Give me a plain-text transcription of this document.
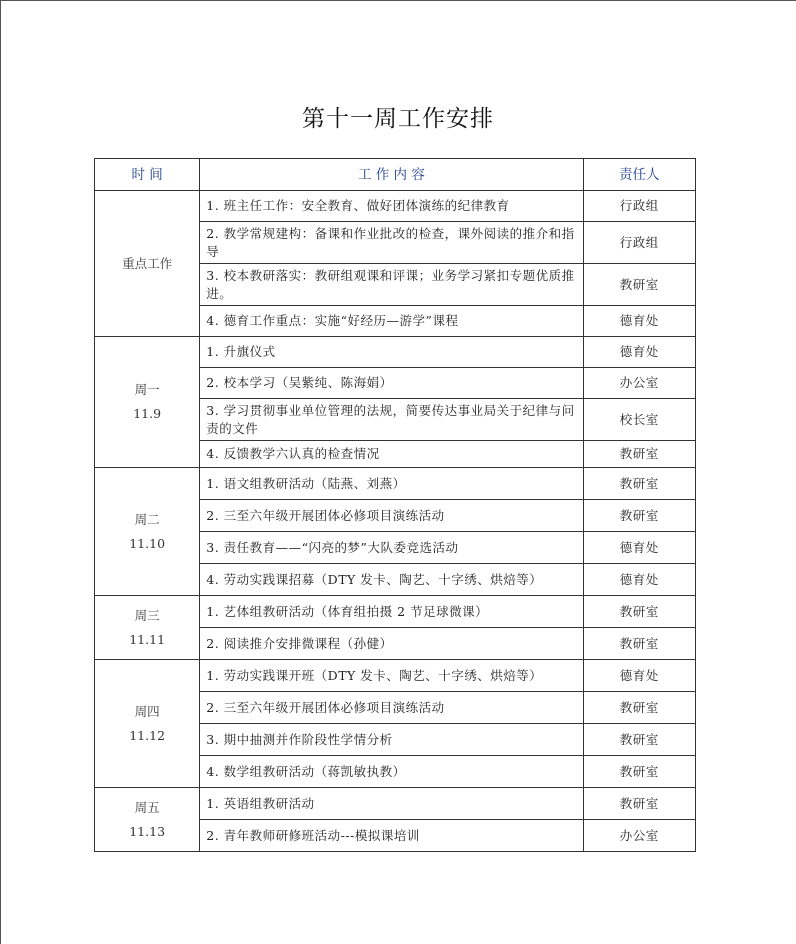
第十一周工作安排
时 间	工 作 内 容	责任人

重点工作	1. 班主任工作：安全教育、做好团体演练的纪律教育	行政组
	2. 教学常规建构：备课和作业批改的检查，课外阅读的推介和指导	行政组
	3. 校本教研落实：教研组观课和评课；业务学习紧扣专题优质推进。	教研室
	4. 德育工作重点：实施“好经历—游学”课程	德育处

周一
11.9	1. 升旗仪式	德育处
	2. 校本学习（吴紫纯、陈海娟）	办公室
	3. 学习贯彻事业单位管理的法规，简要传达事业局关于纪律与问责的文件	校长室
	4. 反馈教学六认真的检查情况	教研室

周二
11.10	1. 语文组教研活动（陆燕、刘燕）	教研室
	2. 三至六年级开展团体必修项目演练活动	教研室
	3. 责任教育——“闪亮的梦”大队委竞选活动	德育处
	4. 劳动实践课招募（DTY 发卡、陶艺、十字绣、烘焙等）	德育处

周三
11.11	1. 艺体组教研活动（体育组拍摄 2 节足球微课）	教研室
	2. 阅读推介安排微课程（孙健）	教研室

周四
11.12	1. 劳动实践课开班（DTY 发卡、陶艺、十字绣、烘焙等）	德育处
	2. 三至六年级开展团体必修项目演练活动	教研室
	3. 期中抽测并作阶段性学情分析	教研室
	4. 数学组教研活动（蒋凯敏执教）	教研室

周五
11.13	1. 英语组教研活动	教研室
	2. 青年教师研修班活动---模拟课培训	办公室
